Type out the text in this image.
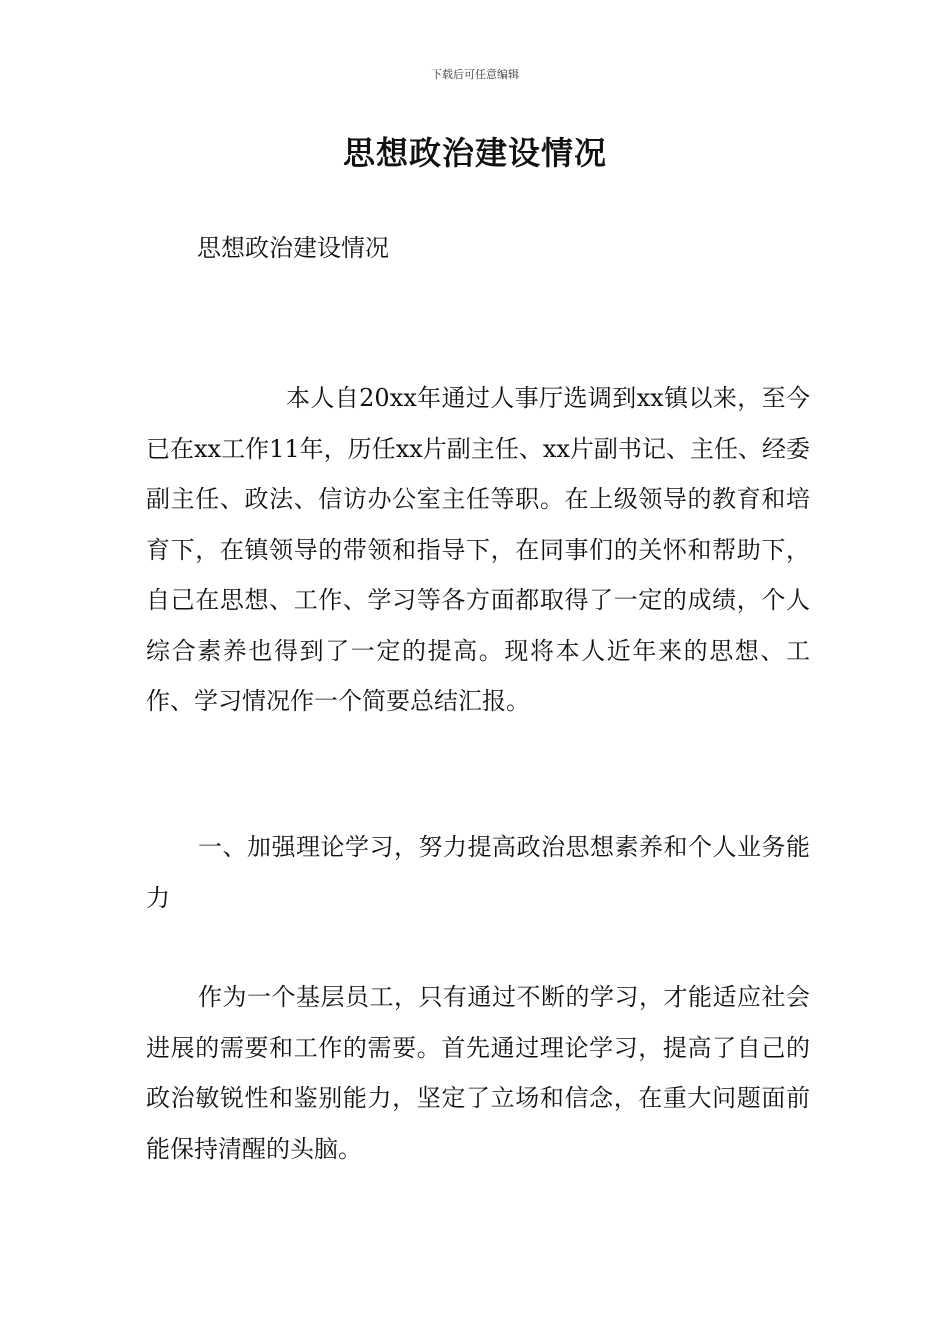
下载后可任意编辑
思想政治建设情况
思想政治建设情况

本人自20xx年通过人事厅选调到xx镇以来，至今已在xx工作11年，历任xx片副主任、xx片副书记、主任、经委副主任、政法、信访办公室主任等职。在上级领导的教育和培育下，在镇领导的带领和指导下，在同事们的关怀和帮助下，自己在思想、工作、学习等各方面都取得了一定的成绩，个人综合素养也得到了一定的提高。现将本人近年来的思想、工作、学习情况作一个简要总结汇报。

一、加强理论学习，努力提高政治思想素养和个人业务能力

作为一个基层员工，只有通过不断的学习，才能适应社会进展的需要和工作的需要。首先通过理论学习，提高了自己的政治敏锐性和鉴别能力，坚定了立场和信念，在重大问题面前能保持清醒的头脑。
